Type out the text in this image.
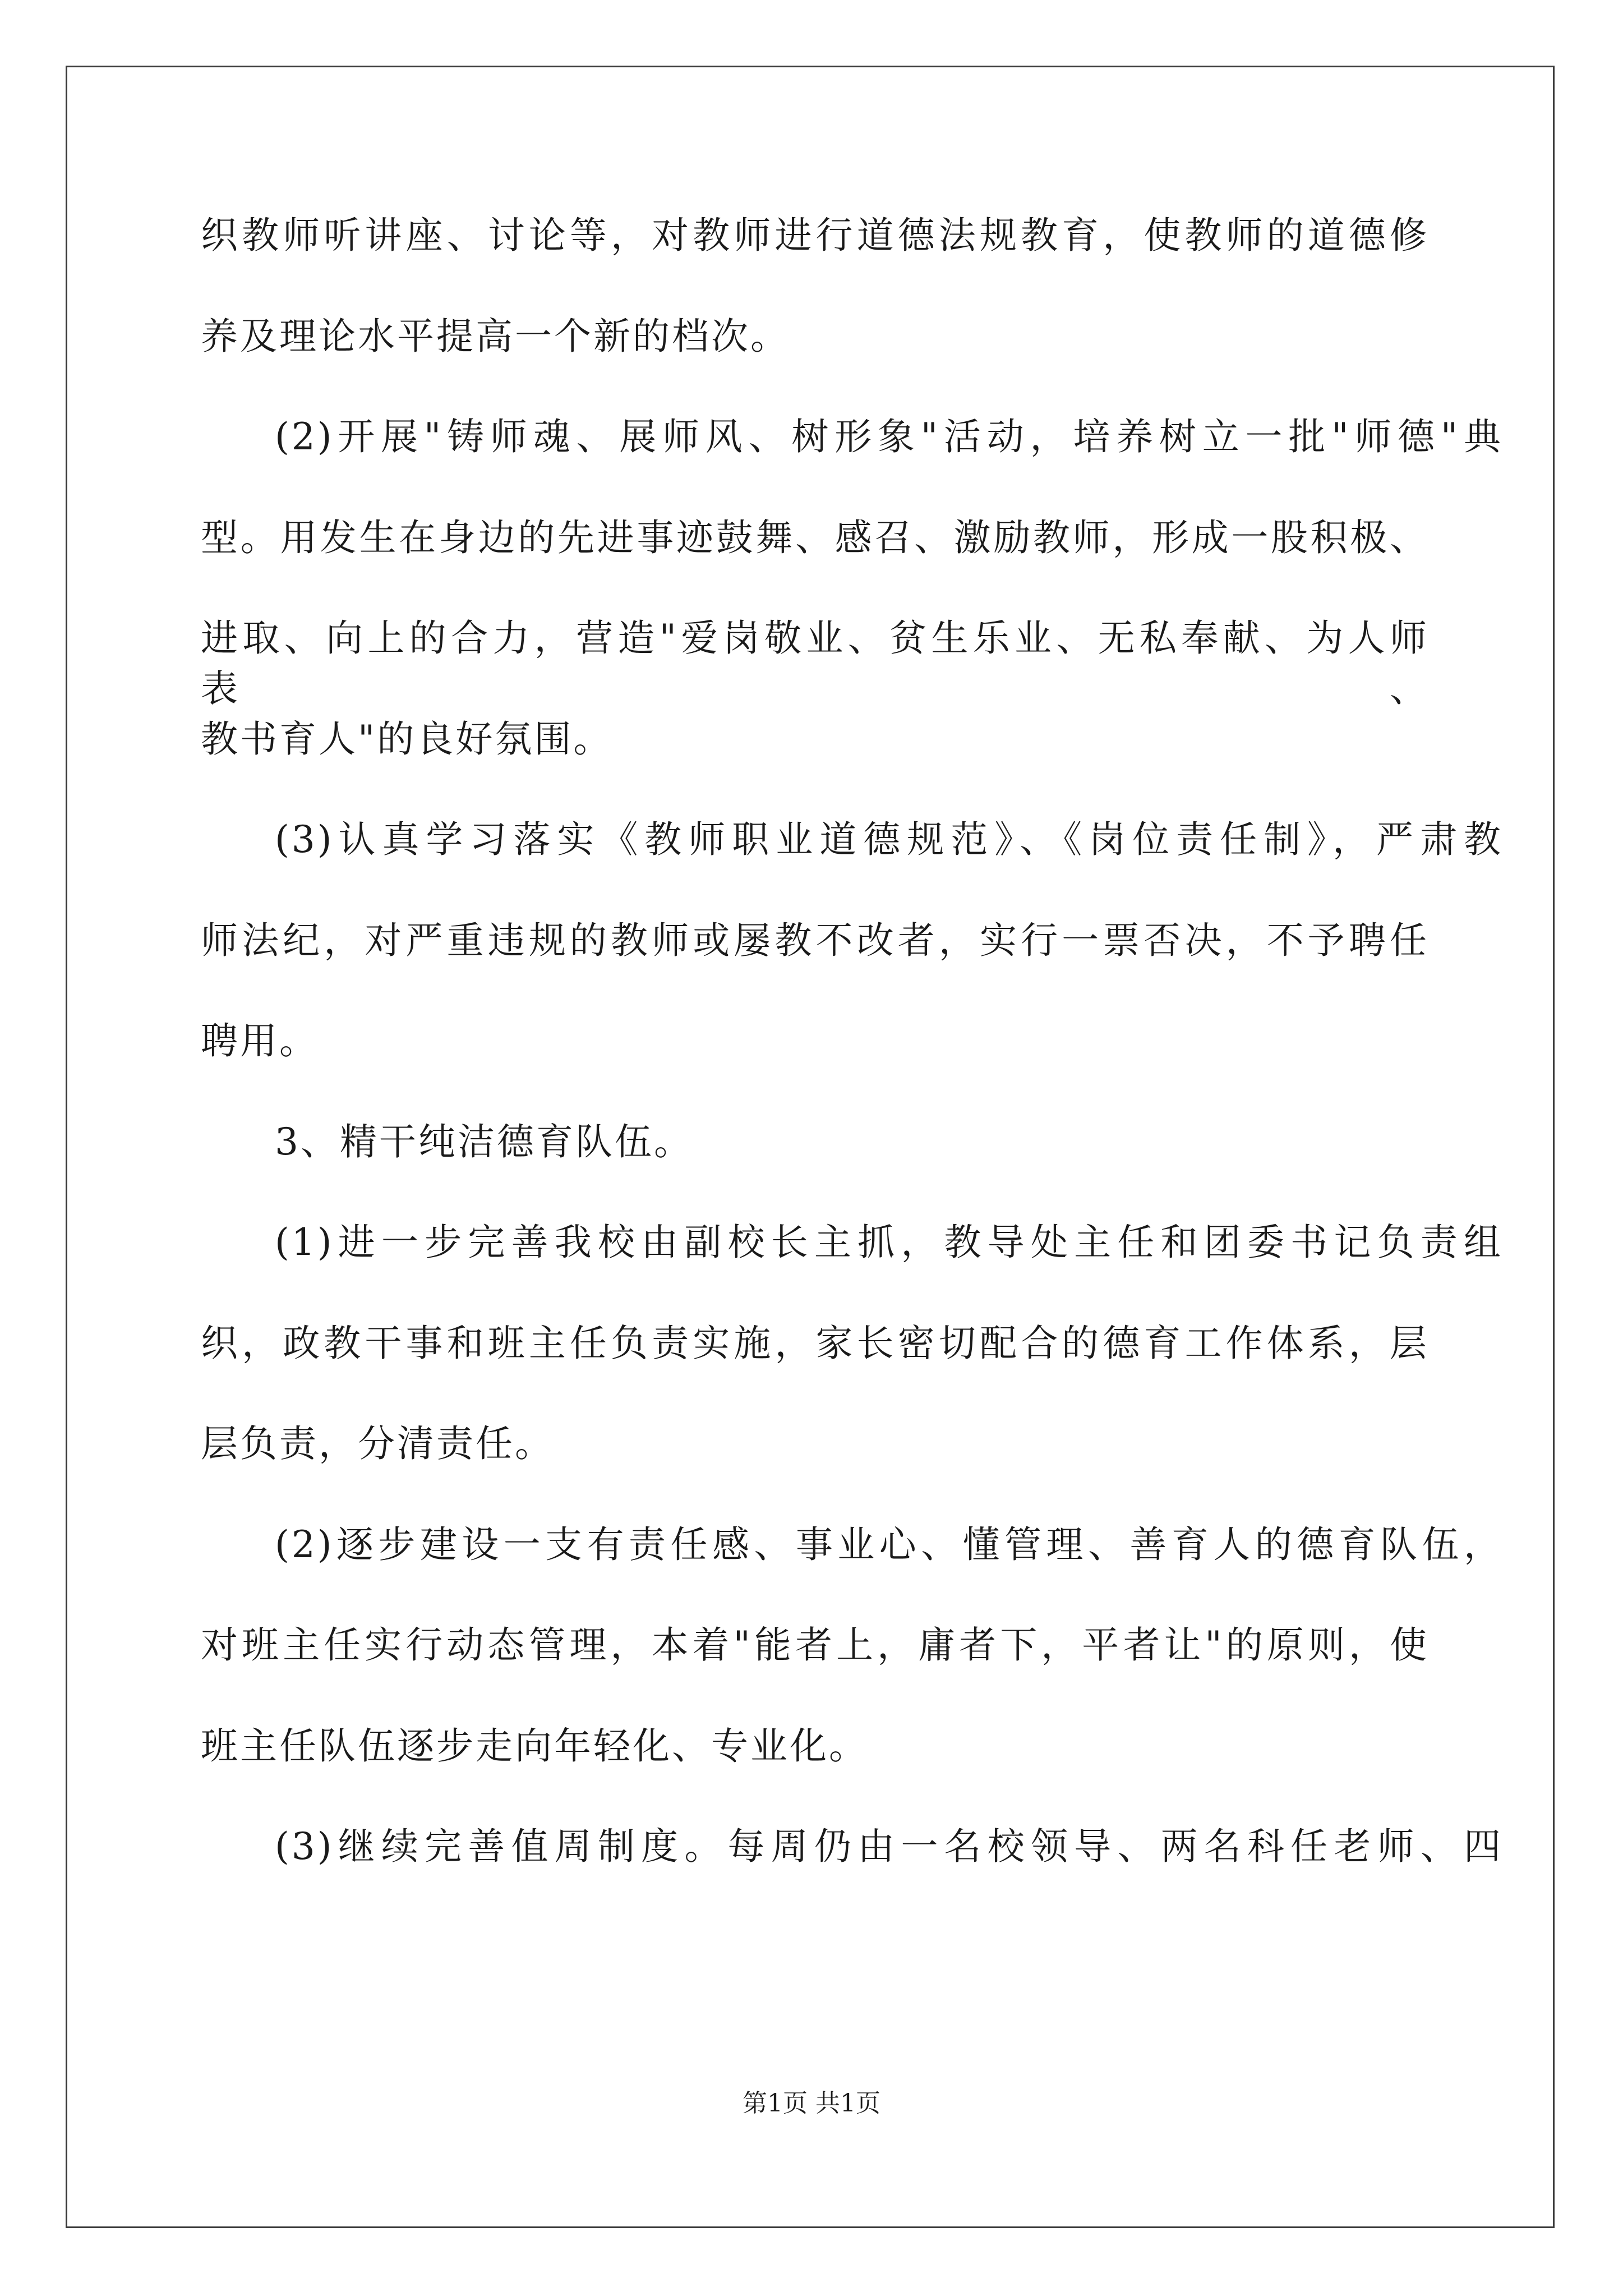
织教师听讲座、讨论等，对教师进行道德法规教育，使教师的道德修
养及理论水平提高一个新的档次。
(2)开展"铸师魂、展师风、树形象"活动，培养树立一批"师德"典
型。用发生在身边的先进事迹鼓舞、感召、激励教师，形成一股积极、
进取、向上的合力，营造"爱岗敬业、贫生乐业、无私奉献、为人师表、
教书育人"的良好氛围。
(3)认真学习落实《教师职业道德规范》、《岗位责任制》，严肃教
师法纪，对严重违规的教师或屡教不改者，实行一票否决，不予聘任
聘用。
3、精干纯洁德育队伍。
(1)进一步完善我校由副校长主抓，教导处主任和团委书记负责组
织，政教干事和班主任负责实施，家长密切配合的德育工作体系，层
层负责，分清责任。
(2)逐步建设一支有责任感、事业心、懂管理、善育人的德育队伍，
对班主任实行动态管理，本着"能者上，庸者下，平者让"的原则，使
班主任队伍逐步走向年轻化、专业化。
(3)继续完善值周制度。每周仍由一名校领导、两名科任老师、四
第1页 共1页
